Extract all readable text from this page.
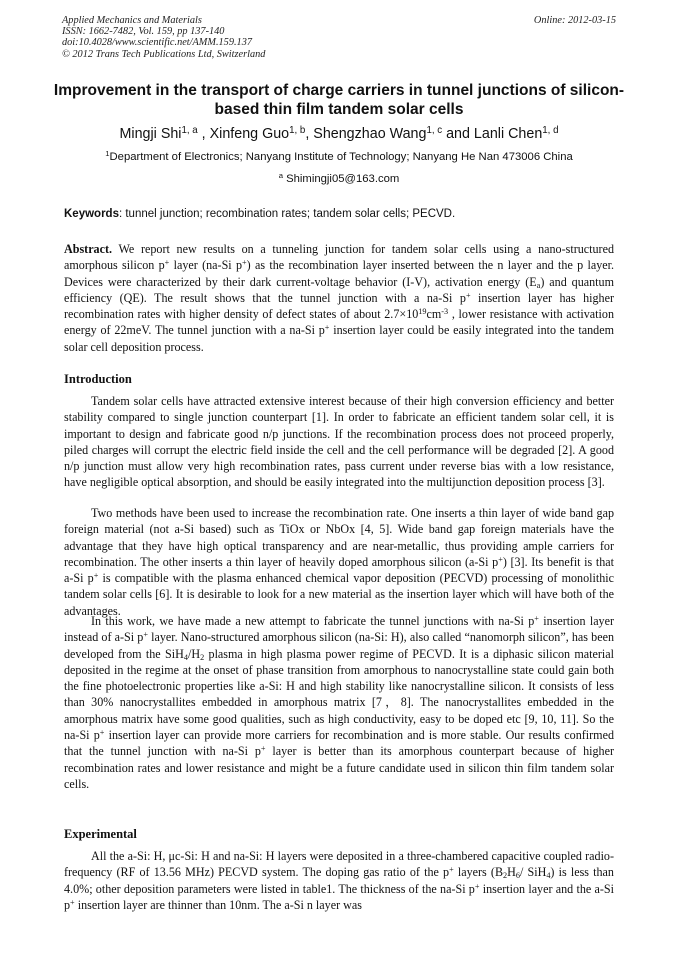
Applied Mechanics and Materials
ISSN: 1662-7482, Vol. 159, pp 137-140
doi:10.4028/www.scientific.net/AMM.159.137
© 2012 Trans Tech Publications Ltd, Switzerland
Online: 2012-03-15
Improvement in the transport of charge carriers in tunnel junctions of silicon-based thin film tandem solar cells
Mingji Shi$^{1, a}$ , Xinfeng Guo$^{1, b}$, Shengzhao Wang$^{1, c}$ and Lanli Chen$^{1, d}$
$^1$Department of Electronics; Nanyang Institute of Technology; Nanyang He Nan 473006 China
$^a$ Shimingji05@163.com
Keywords: tunnel junction; recombination rates; tandem solar cells; PECVD.
Abstract. We report new results on a tunneling junction for tandem solar cells using a nano-structured amorphous silicon p+ layer (na-Si p+) as the recombination layer inserted between the n layer and the p layer. Devices were characterized by their dark current-voltage behavior (I-V), activation energy $(E_a)$ and quantum efficiency (QE). The result shows that the tunnel junction with a na-Si p+ insertion layer has higher recombination rates with higher density of defect states of about $2.7\times 10^{19}cm^{-3}$ , lower resistance with activation energy of 22meV. The tunnel junction with a na-Si p+ insertion layer could be easily integrated into the tandem solar cell deposition process.
Introduction
Tandem solar cells have attracted extensive interest because of their high conversion efficiency and better stability compared to single junction counterpart [1]. In order to fabricate an efficient tandem solar cell, it is important to design and fabricate good n/p junctions. If the recombination process does not proceed properly, piled charges will corrupt the electric field inside the cell and the cell performance will be degraded [2]. A good n/p junction must allow very high recombination rates, pass current under reverse bias with a low resistance, have negligible optical absorption, and should be easily integrated into the multijunction deposition process [3].
Two methods have been used to increase the recombination rate. One inserts a thin layer of wide band gap foreign material (not a-Si based) such as TiOx or NbOx [4, 5]. Wide band gap foreign materials have the advantage that they have high optical transparency and are near-metallic, thus providing ample carriers for recombination. The other inserts a thin layer of heavily doped amorphous silicon (a-Si p+) [3]. Its benefit is that a-Si p+ is compatible with the plasma enhanced chemical vapor deposition (PECVD) processing of monolithic tandem solar cells [6]. It is desirable to look for a new material as the insertion layer which will have both of the advantages.
In this work, we have made a new attempt to fabricate the tunnel junctions with na-Si p+ insertion layer instead of a-Si p+ layer. Nano-structured amorphous silicon (na-Si: H), also called “nanomorph silicon”, has been developed from the $SiH_4/H_2$ plasma in high plasma power regime of PECVD. It is a diphasic silicon material deposited in the regime at the onset of phase transition from amorphous to nanocrystalline state could gain both the fine photoelectronic properties like a-Si: H and high stability like nanocrystalline silicon. It consists of less than 30% nanocrystallites embedded in amorphous matrix [7，8]. The nanocrystallites embedded in the amorphous matrix have some good qualities, such as high conductivity, easy to be doped etc [9, 10, 11]. So the na-Si p+ insertion layer can provide more carriers for recombination and is more stable. Our results confirmed that the tunnel junction with na-Si p+ layer is better than its amorphous counterpart because of higher recombination rates and lower resistance and might be a future candidate used in silicon thin film tandem solar cells.
Experimental
All the a-Si: H, μc-Si: H and na-Si: H layers were deposited in a three-chambered capacitive coupled radio-frequency (RF of 13.56 MHz) PECVD system. The doping gas ratio of the p+ layers ($B_2H_6/$ SiH$_4$) is less than 4.0%; other deposition parameters were listed in table1. The thickness of the na-Si p+ insertion layer and the a-Si p+ insertion layer are thinner than 10nm. The a-Si n layer was
